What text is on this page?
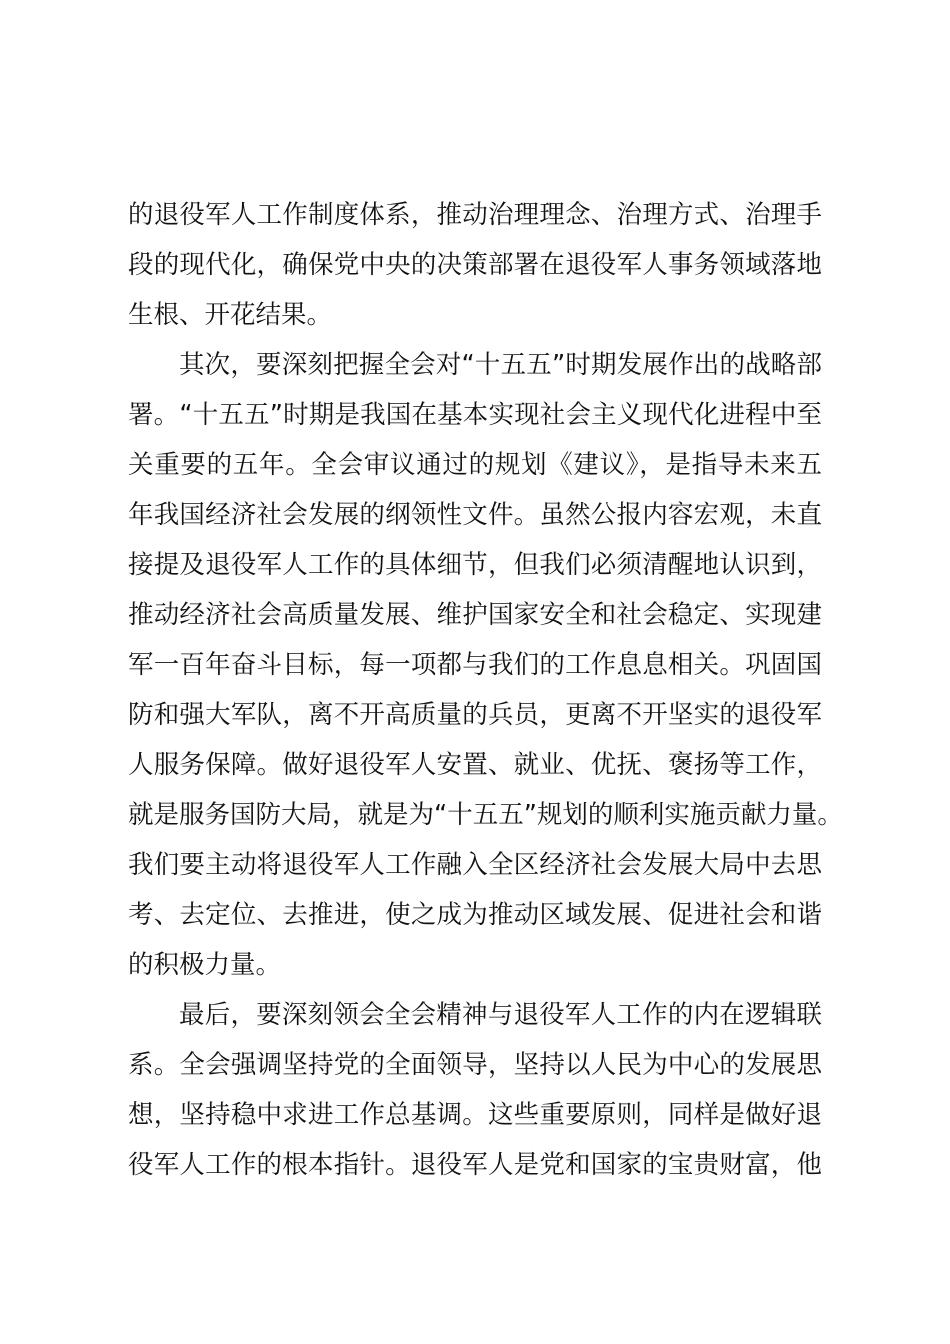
的退役军人工作制度体系，推动治理理念、治理方式、治理手
段的现代化，确保党中央的决策部署在退役军人事务领域落地
生根、开花结果。
其次，要深刻把握全会对“十五五”时期发展作出的战略部
署。“十五五”时期是我国在基本实现社会主义现代化进程中至
关重要的五年。全会审议通过的规划《建议》，是指导未来五
年我国经济社会发展的纲领性文件。虽然公报内容宏观，未直
接提及退役军人工作的具体细节，但我们必须清醒地认识到，
推动经济社会高质量发展、维护国家安全和社会稳定、实现建
军一百年奋斗目标，每一项都与我们的工作息息相关。巩固国
防和强大军队，离不开高质量的兵员，更离不开坚实的退役军
人服务保障。做好退役军人安置、就业、优抚、褒扬等工作，
就是服务国防大局，就是为“十五五”规划的顺利实施贡献力量。
我们要主动将退役军人工作融入全区经济社会发展大局中去思
考、去定位、去推进，使之成为推动区域发展、促进社会和谐
的积极力量。
最后，要深刻领会全会精神与退役军人工作的内在逻辑联
系。全会强调坚持党的全面领导，坚持以人民为中心的发展思
想，坚持稳中求进工作总基调。这些重要原则，同样是做好退
役军人工作的根本指针。退役军人是党和国家的宝贵财富，他
